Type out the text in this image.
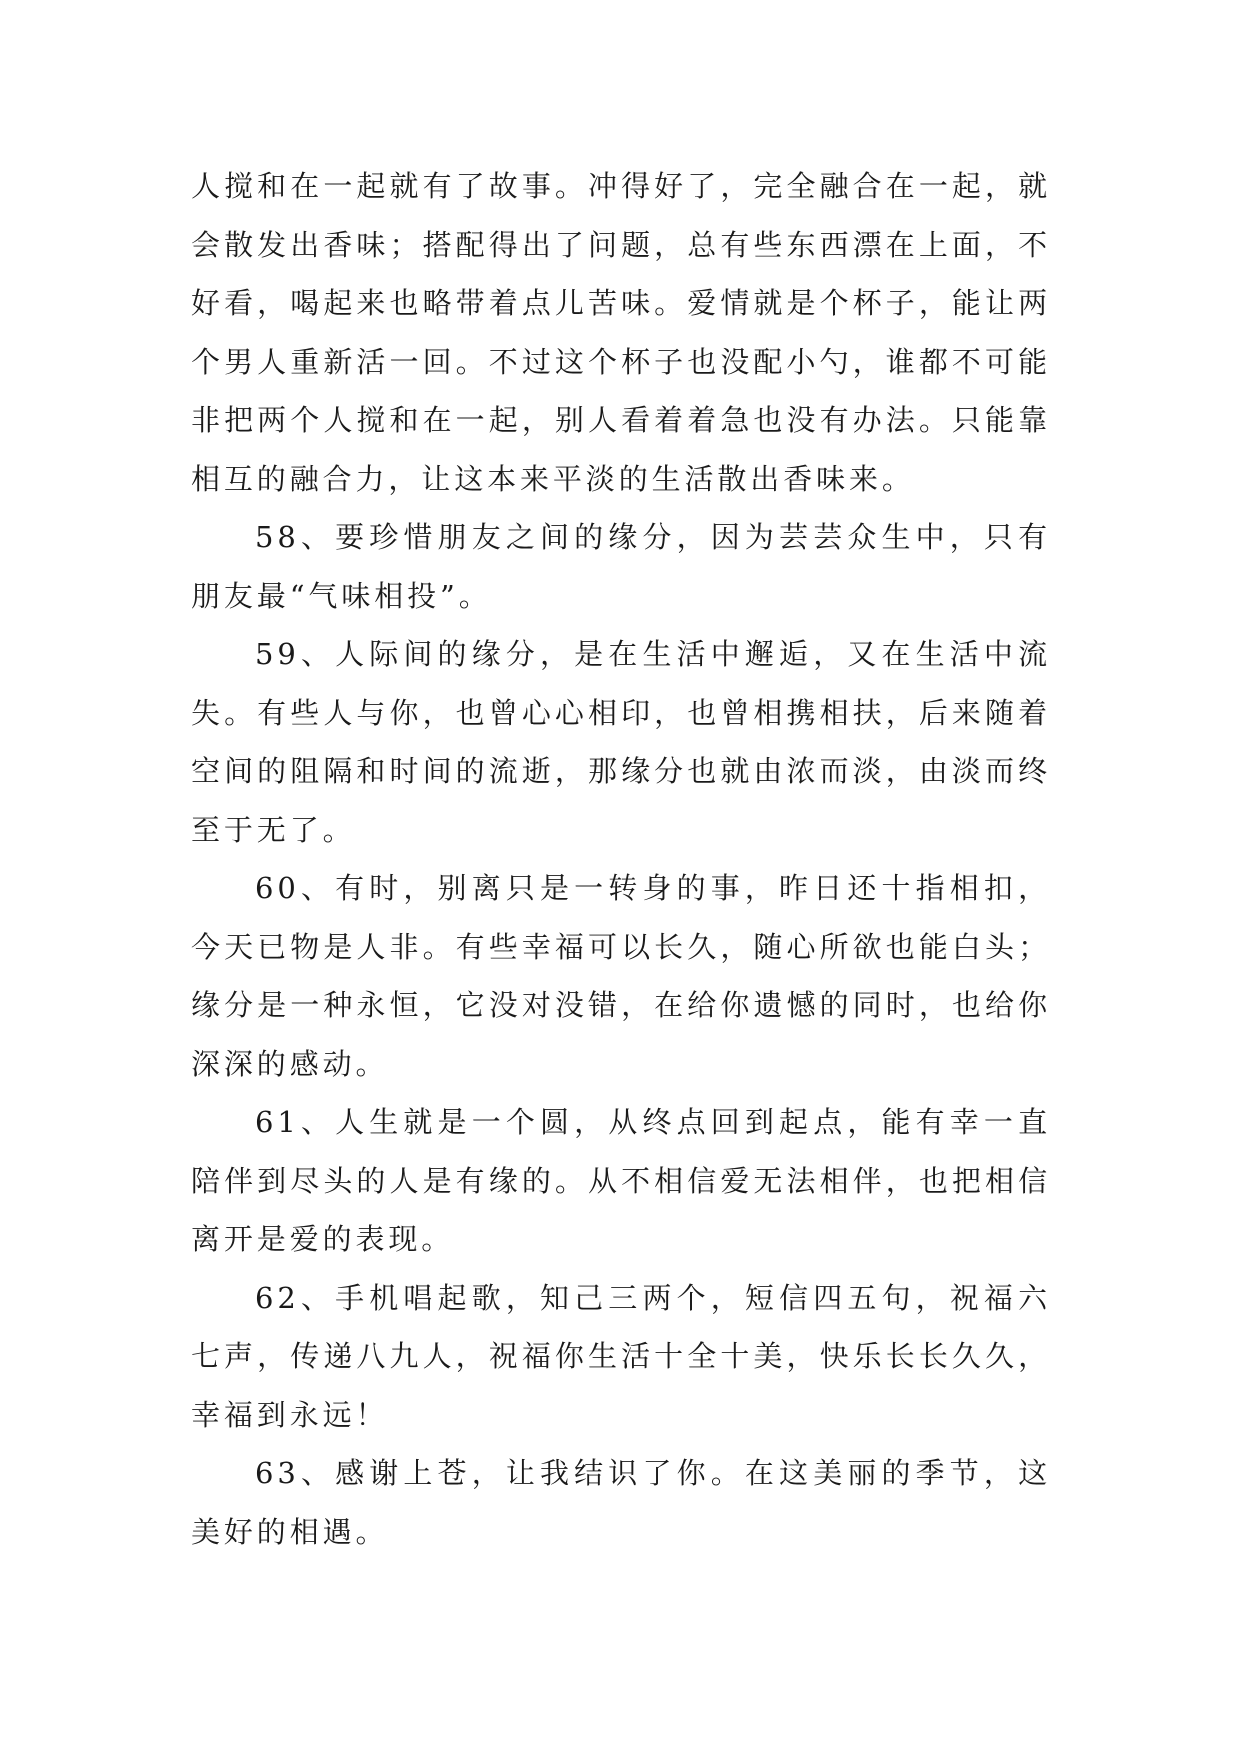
人搅和在一起就有了故事。冲得好了，完全融合在一起，就会散发出香味；搭配得出了问题，总有些东西漂在上面，不好看，喝起来也略带着点儿苦味。爱情就是个杯子，能让两个男人重新活一回。不过这个杯子也没配小勺，谁都不可能非把两个人搅和在一起，别人看着着急也没有办法。只能靠相互的融合力，让这本来平淡的生活散出香味来。

58、要珍惜朋友之间的缘分，因为芸芸众生中，只有朋友最“气味相投”。

59、人际间的缘分，是在生活中邂逅，又在生活中流失。有些人与你，也曾心心相印，也曾相携相扶，后来随着空间的阻隔和时间的流逝，那缘分也就由浓而淡，由淡而终至于无了。

60、有时，别离只是一转身的事，昨日还十指相扣，今天已物是人非。有些幸福可以长久，随心所欲也能白头；缘分是一种永恒，它没对没错，在给你遗憾的同时，也给你深深的感动。

61、人生就是一个圆，从终点回到起点，能有幸一直陪伴到尽头的人是有缘的。从不相信爱无法相伴，也把相信离开是爱的表现。

62、手机唱起歌，知己三两个，短信四五句，祝福六七声，传递八九人，祝福你生活十全十美，快乐长长久久，幸福到永远！

63、感谢上苍，让我结识了你。在这美丽的季节，这美好的相遇。
